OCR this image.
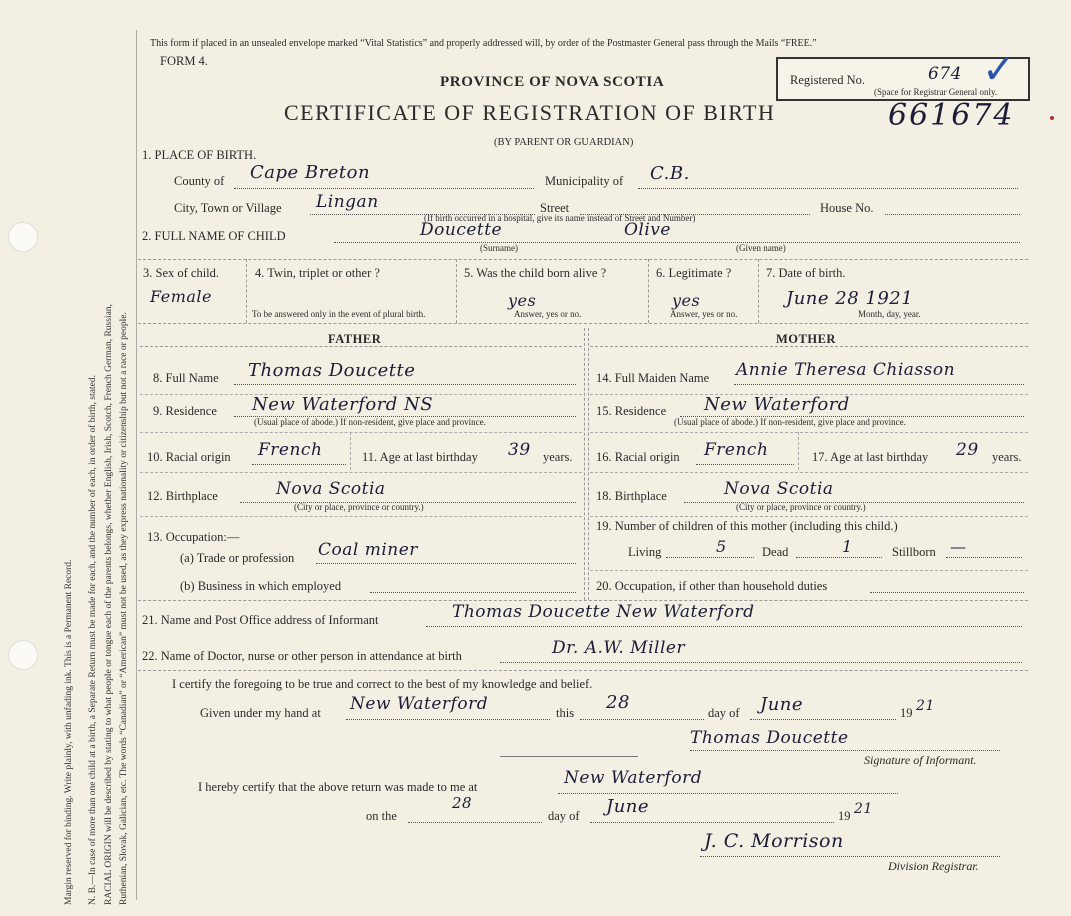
Margin reserved for binding. Write plainly, with unfading ink. This is a Permanent Record. N. B.—In case of more than one child at a birth, a Separate Return must be made for each, and the number of each, in order of birth, stated. RACIAL ORIGIN will be described by stating to what people or tongue each of the parents belongs, whether English, Irish, Scotch, French German, Russian, Ruthenian, Slovak, Galician, etc. The words “Canadian” or “American” must not be used, as they express nationality or citizenship but not a race or people.
This form if placed in an unsealed envelope marked “Vital Statistics” and properly addressed will, by order of the Postmaster General pass through the Mails “FREE.”
FORM 4.
PROVINCE OF NOVA SCOTIA	Registered No.
(Space for Registrar General only.
674 ✓
CERTIFICATE OF REGISTRATION OF BIRTH	661674
(BY PARENT OR GUARDIAN)
1. PLACE OF BIRTH.
County of Cape Breton	Municipality of C.B.
City, Town or Village Lingan	Street	House No.
(If birth occurred in a hospital, give its name instead of Street and Number)
2. FULL NAME OF CHILD	Doucette	Olive
(Surname)	(Given name)
3. Sex of child.
Female
4. Twin, triplet or other ?
To be answered only in the event of plural birth.
5. Was the child born alive ?
yes
Answer, yes or no.
6. Legitimate ?
yes
Answer, yes or no.
7. Date of birth.
June 28 1921
Month, day, year.
FATHER	MOTHER
8. Full Name Thomas Doucette
9. Residence New Waterford NS
(Usual place of abode.) If non-resident, give place and province.
10. Racial origin French	11. Age at last birthday 39 years.
12. Birthplace	Nova Scotia
(City or place, province or country.)
13. Occupation:—
(a) Trade or profession Coal miner
(b) Business in which employed
14. Full Maiden Name Annie Theresa Chiasson
15. Residence New Waterford
(Usual place of abode.) If non-resident, give place and province.
16. Racial origin French	17. Age at last birthday 29 years.
18. Birthplace	Nova Scotia
(City or place, province or country.)
19. Number of children of this mother (including this child.)
Living	5	Dead	1	Stillborn —
20. Occupation, if other than household duties
21. Name and Post Office address of Informant	Thomas Doucette New Waterford
22. Name of Doctor, nurse or other person in attendance at birth	Dr. A.W. Miller
I certify the foregoing to be true and correct to the best of my knowledge and belief.
Given under my hand at New Waterford	this 28	day of June	19 21
Thomas Doucette
Signature of Informant.
I hereby certify that the above return was made to me at	New Waterford
on the
28
day of June	19 21
J. C. Morrison
Division Registrar.
